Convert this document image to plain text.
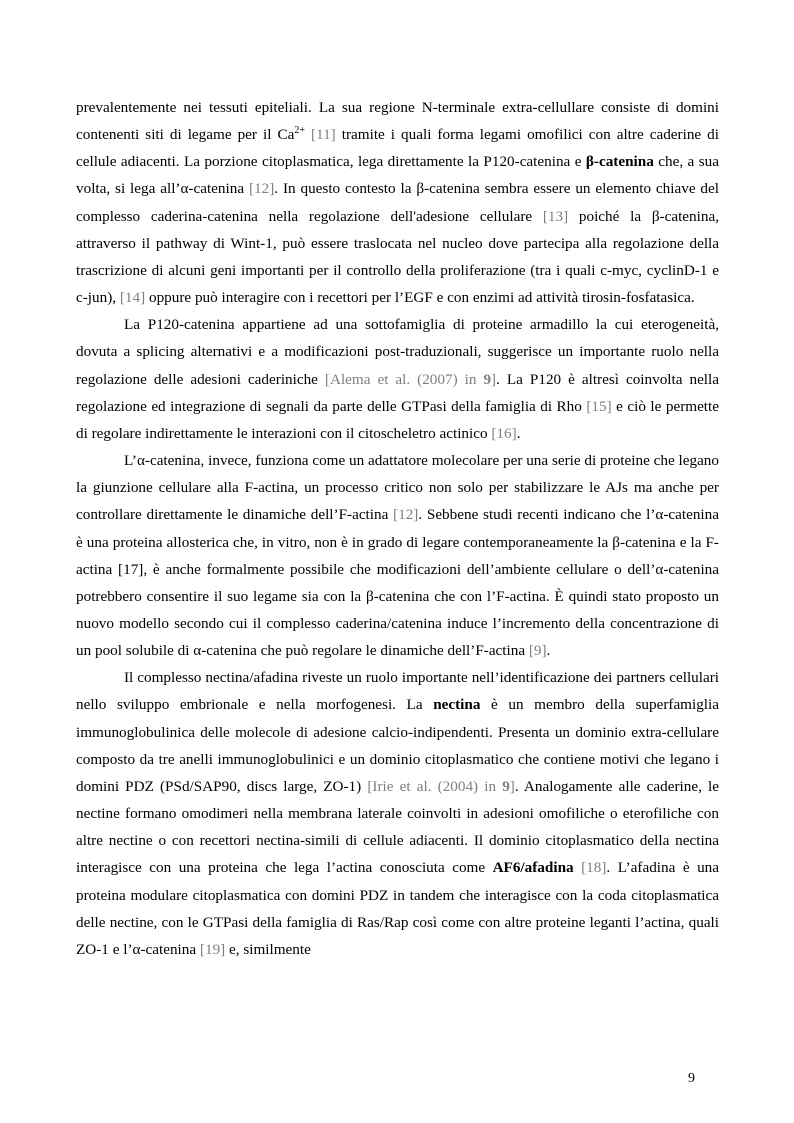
prevalentemente nei tessuti epiteliali. La sua regione N-terminale extra-cellullare consiste di domini contenenti siti di legame per il $Ca^{2+}$ [11] tramite i quali forma legami omofilici con altre caderine di cellule adiacenti. La porzione citoplasmatica, lega direttamente la P120-catenina e β-catenina che, a sua volta, si lega all’α-catenina [12]. In questo contesto la β-catenina sembra essere un elemento chiave del complesso caderina-catenina nella regolazione dell'adesione cellulare [13] poiché la β-catenina, attraverso il pathway di Wint-1, può essere traslocata nel nucleo dove partecipa alla regolazione della trascrizione di alcuni geni importanti per il controllo della proliferazione (tra i quali c-myc, cyclinD-1 e c-jun), [14] oppure può interagire con i recettori per l’EGF e con enzimi ad attività tirosin-fosfatasica.

La P120-catenina appartiene ad una sottofamiglia di proteine armadillo la cui eterogeneità, dovuta a splicing alternativi e a modificazioni post-traduzionali, suggerisce un importante ruolo nella regolazione delle adesioni caderiniche [Alema et al. (2007) in 9]. La P120 è altresì coinvolta nella regolazione ed integrazione di segnali da parte delle GTPasi della famiglia di Rho [15] e ciò le permette di regolare indirettamente le interazioni con il citoscheletro actinico [16].

L’α-catenina, invece, funziona come un adattatore molecolare per una serie di proteine che legano la giunzione cellulare alla F-actina, un processo critico non solo per stabilizzare le AJs ma anche per controllare direttamente le dinamiche dell’F-actina [12]. Sebbene studi recenti indicano che l’α-catenina è una proteina allosterica che, in vitro, non è in grado di legare contemporaneamente la β-catenina e la F-actina [17], è anche formalmente possibile che modificazioni dell’ambiente cellulare o dell’α-catenina potrebbero consentire il suo legame sia con la β-catenina che con l’F-actina. È quindi stato proposto un nuovo modello secondo cui il complesso caderina/catenina induce l’incremento della concentrazione di un pool solubile di α-catenina che può regolare le dinamiche dell’F-actina [9].

Il complesso nectina/afadina riveste un ruolo importante nell’identificazione dei partners cellulari nello sviluppo embrionale e nella morfogenesi. La nectina è un membro della superfamiglia immunoglobulinica delle molecole di adesione calcio-indipendenti. Presenta un dominio extra-cellulare composto da tre anelli immunoglobulinici e un dominio citoplasmatico che contiene motivi che legano i domini PDZ (PSd/SAP90, discs large, ZO-1) [Irie et al. (2004) in 9]. Analogamente alle caderine, le nectine formano omodimeri nella membrana laterale coinvolti in adesioni omofiliche o eterofiliche con altre nectine o con recettori nectina-simili di cellule adiacenti. Il dominio citoplasmatico della nectina interagisce con una proteina che lega l’actina conosciuta come AF6/afadina [18]. L’afadina è una proteina modulare citoplasmatica con domini PDZ in tandem che interagisce con la coda citoplasmatica delle nectine, con le GTPasi della famiglia di Ras/Rap così come con altre proteine leganti l’actina, quali ZO-1 e l’α-catenina [19] e, similmente

9
